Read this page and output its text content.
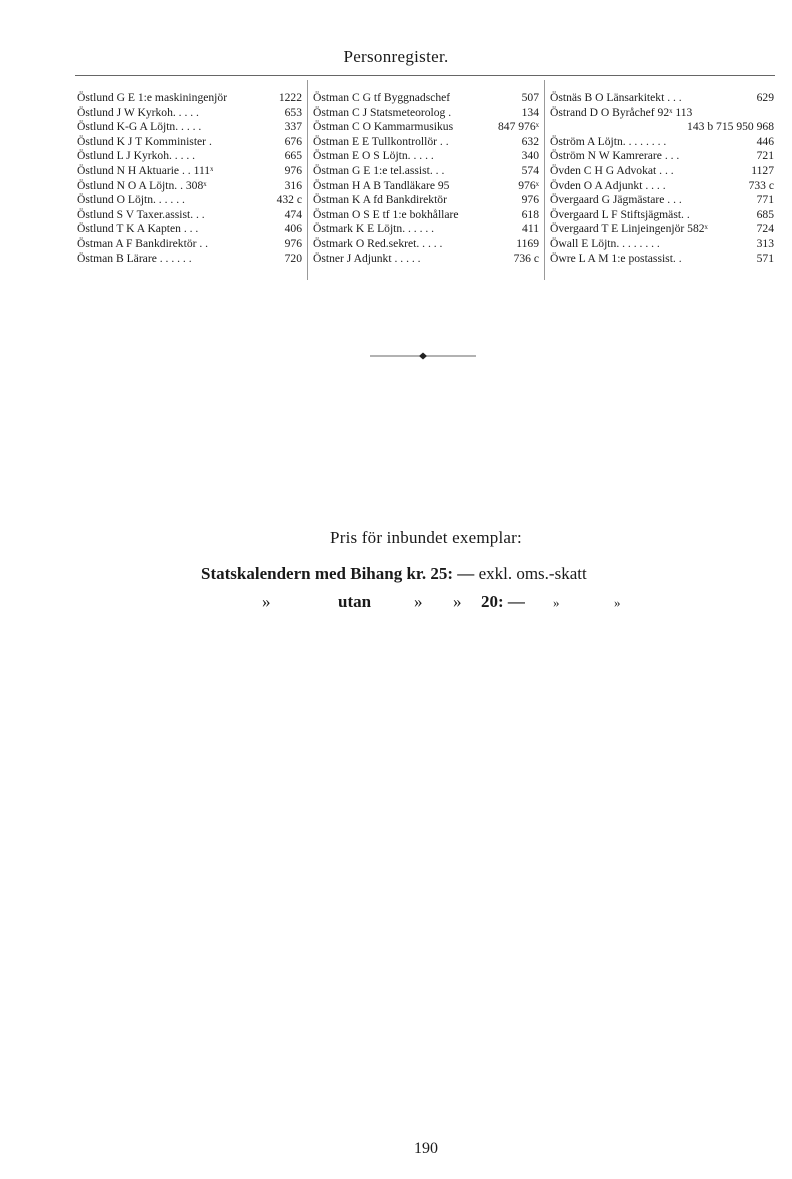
Personregister.
Östlund G E 1:e maskiningenjör	1222
Östlund J W Kyrkoh. . . . .	653
Östlund K-G A Löjtn. . . . .	337
Östlund K J T Komminister .	676
Östlund L J Kyrkoh. . . . .	665
Östlund N H Aktuarie . . 111ˣ	976
Östlund N O A Löjtn. . 308ˣ	316
Östlund O Löjtn. . . . . .	432 c
Östlund S V Taxer.assist. . .	474
Östlund T K A Kapten . . .	406
Östman A F Bankdirektör . .	976
Östman B Lärare . . . . . .	720
Östman C G tf Byggnadschef	507
Östman C J Statsmeteorolog .	134
Östman C O Kammarmusikus	847 976ˣ
Östman E E Tullkontrollör . .	632
Östman E O S Löjtn. . . . .	340
Östman G E 1:e tel.assist. . .	574
Östman H A B Tandläkare 95	976ˣ
Östman K A fd Bankdirektör	976
Östman O S E tf 1:e bokhållare	618
Östmark K E Löjtn. . . . . .	411
Östmark O Red.sekret. . . . .	1169
Östner J Adjunkt . . . . .	736 c
Östnäs B O Länsarkitekt . . .	629
Östrand D O Byråchef 92ˣ 113
143 b 715 950 968
Öström A Löjtn. . . . . . . .	446
Öström N W Kamrerare . . .	721
Övden C H G Advokat . . .	1127
Övden O A Adjunkt . . . .	733 c
Övergaard G Jägmästare . . .	771
Övergaard L F Stiftsjägmäst. .	685
Övergaard T E Linjeingenjör 582ˣ	724
Öwall E Löjtn. . . . . . . .	313
Öwre L A M 1:e postassist. .	571
Pris för inbundet exemplar:
Statskalendern med Bihang kr. 25: — exkl. oms.-skatt
»	utan	» » 20: — »	»
190
